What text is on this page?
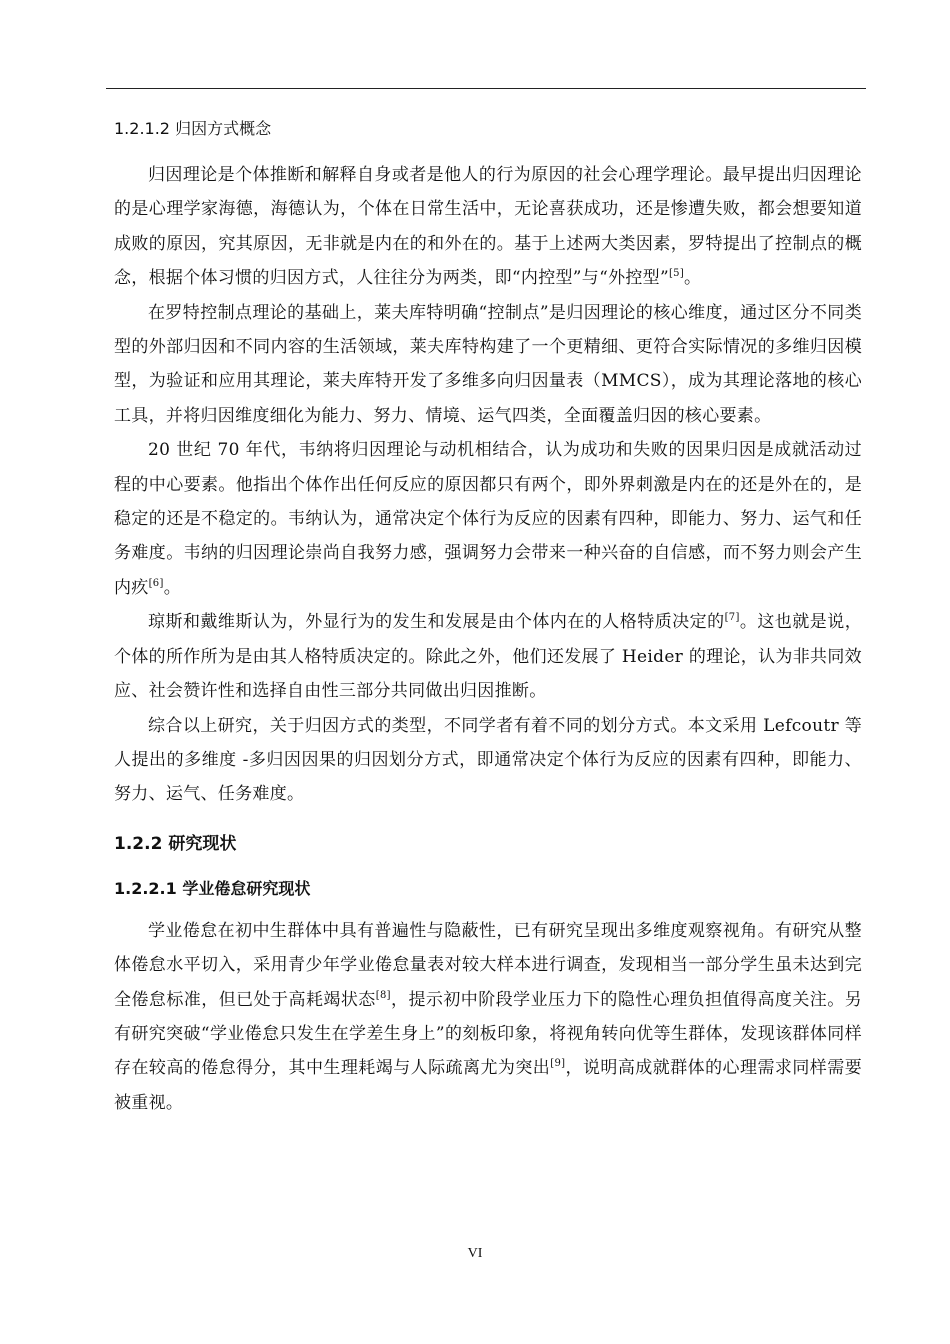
1.2.1.2 归因方式概念

归因理论是个体推断和解释自身或者是他人的行为原因的社会心理学理论。最早提出归因理论的是心理学家海德，海德认为，个体在日常生活中，无论喜获成功，还是惨遭失败，都会想要知道成败的原因，究其原因，无非就是内在的和外在的。基于上述两大类因素，罗特提出了控制点的概念，根据个体习惯的归因方式，人往往分为两类，即“内控型”与“外控型”[5]。

在罗特控制点理论的基础上，莱夫库特明确“控制点”是归因理论的核心维度，通过区分不同类型的外部归因和不同内容的生活领域，莱夫库特构建了一个更精细、更符合实际情况的多维归因模型，为验证和应用其理论，莱夫库特开发了多维多向归因量表（MMCS），成为其理论落地的核心工具，并将归因维度细化为能力、努力、情境、运气四类，全面覆盖归因的核心要素。

20 世纪 70 年代，韦纳将归因理论与动机相结合，认为成功和失败的因果归因是成就活动过程的中心要素。他指出个体作出任何反应的原因都只有两个，即外界刺激是内在的还是外在的，是稳定的还是不稳定的。韦纳认为，通常决定个体行为反应的因素有四种，即能力、努力、运气和任务难度。韦纳的归因理论崇尚自我努力感，强调努力会带来一种兴奋的自信感，而不努力则会产生内疚[6]。

琼斯和戴维斯认为，外显行为的发生和发展是由个体内在的人格特质决定的[7]。这也就是说，个体的所作所为是由其人格特质决定的。除此之外，他们还发展了 Heider 的理论，认为非共同效应、社会赞许性和选择自由性三部分共同做出归因推断。

综合以上研究，关于归因方式的类型，不同学者有着不同的划分方式。本文采用 Lefcoutr 等人提出的多维度 -多归因因果的归因划分方式，即通常决定个体行为反应的因素有四种，即能力、努力、运气、任务难度。

1.2.2 研究现状
1.2.2.1 学业倦怠研究现状

学业倦怠在初中生群体中具有普遍性与隐蔽性，已有研究呈现出多维度观察视角。有研究从整体倦怠水平切入，采用青少年学业倦怠量表对较大样本进行调查，发现相当一部分学生虽未达到完全倦怠标准，但已处于高耗竭状态[8]，提示初中阶段学业压力下的隐性心理负担值得高度关注。另有研究突破“学业倦怠只发生在学差生身上”的刻板印象，将视角转向优等生群体，发现该群体同样存在较高的倦怠得分，其中生理耗竭与人际疏离尤为突出[9]，说明高成就群体的心理需求同样需要被重视。

VI
